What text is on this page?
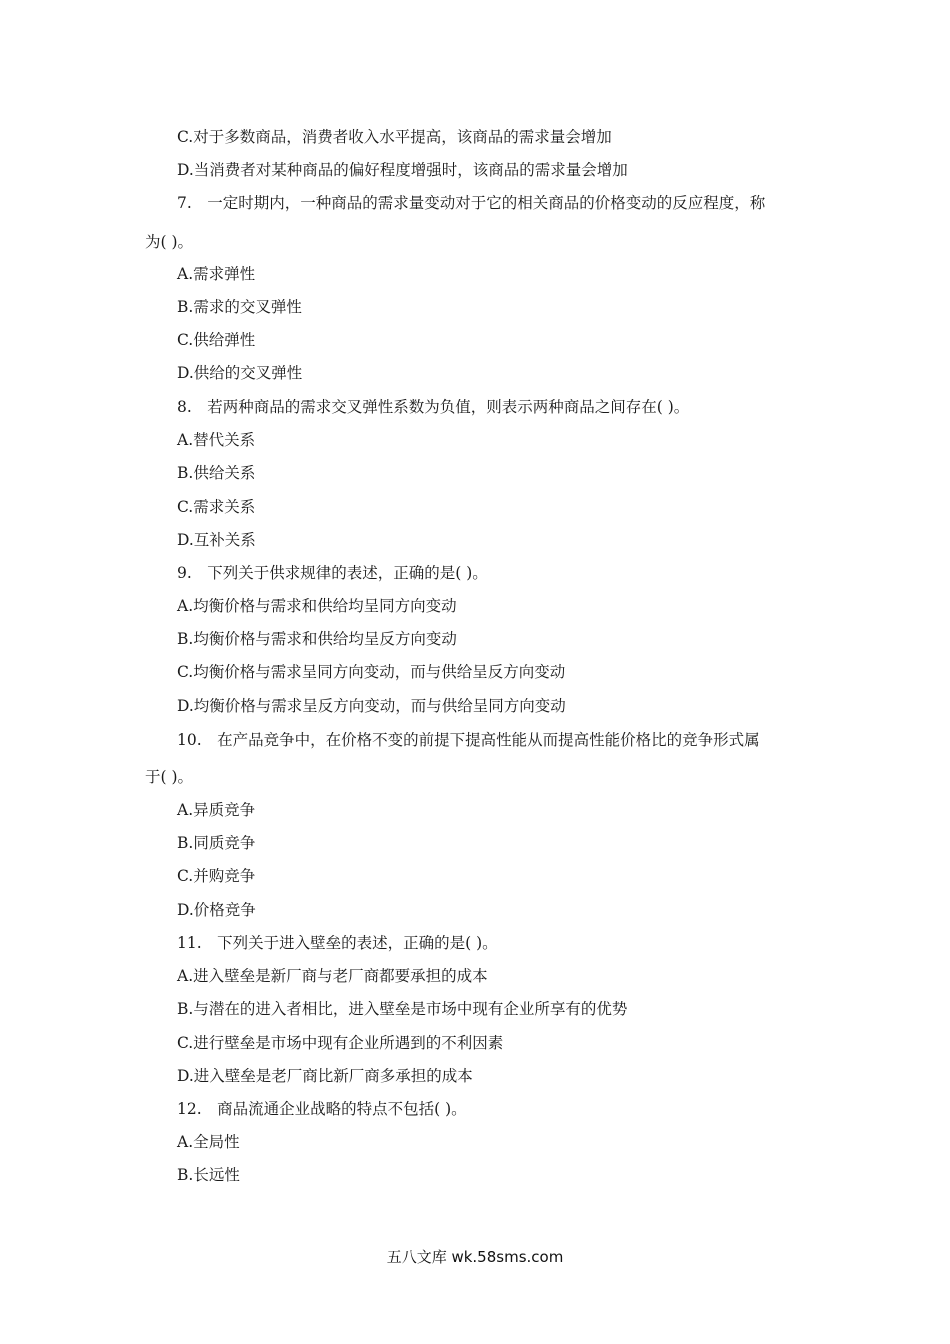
C.对于多数商品，消费者收入水平提高，该商品的需求量会增加
D.当消费者对某种商品的偏好程度增强时，该商品的需求量会增加
7.　一定时期内，一种商品的需求量变动对于它的相关商品的价格变动的反应程度，称
为( )。
A.需求弹性
B.需求的交叉弹性
C.供给弹性
D.供给的交叉弹性
8.　若两种商品的需求交叉弹性系数为负值，则表示两种商品之间存在( )。
A.替代关系
B.供给关系
C.需求关系
D.互补关系
9.　下列关于供求规律的表述，正确的是( )。
A.均衡价格与需求和供给均呈同方向变动
B.均衡价格与需求和供给均呈反方向变动
C.均衡价格与需求呈同方向变动，而与供给呈反方向变动
D.均衡价格与需求呈反方向变动，而与供给呈同方向变动
10.　在产品竞争中，在价格不变的前提下提高性能从而提高性能价格比的竞争形式属
于( )。
A.异质竞争
B.同质竞争
C.并购竞争
D.价格竞争
11.　下列关于进入壁垒的表述，正确的是( )。
A.进入壁垒是新厂商与老厂商都要承担的成本
B.与潜在的进入者相比，进入壁垒是市场中现有企业所享有的优势
C.进行壁垒是市场中现有企业所遇到的不利因素
D.进入壁垒是老厂商比新厂商多承担的成本
12.　商品流通企业战略的特点不包括( )。
A.全局性
B.长远性
五八文库 wk.58sms.com
